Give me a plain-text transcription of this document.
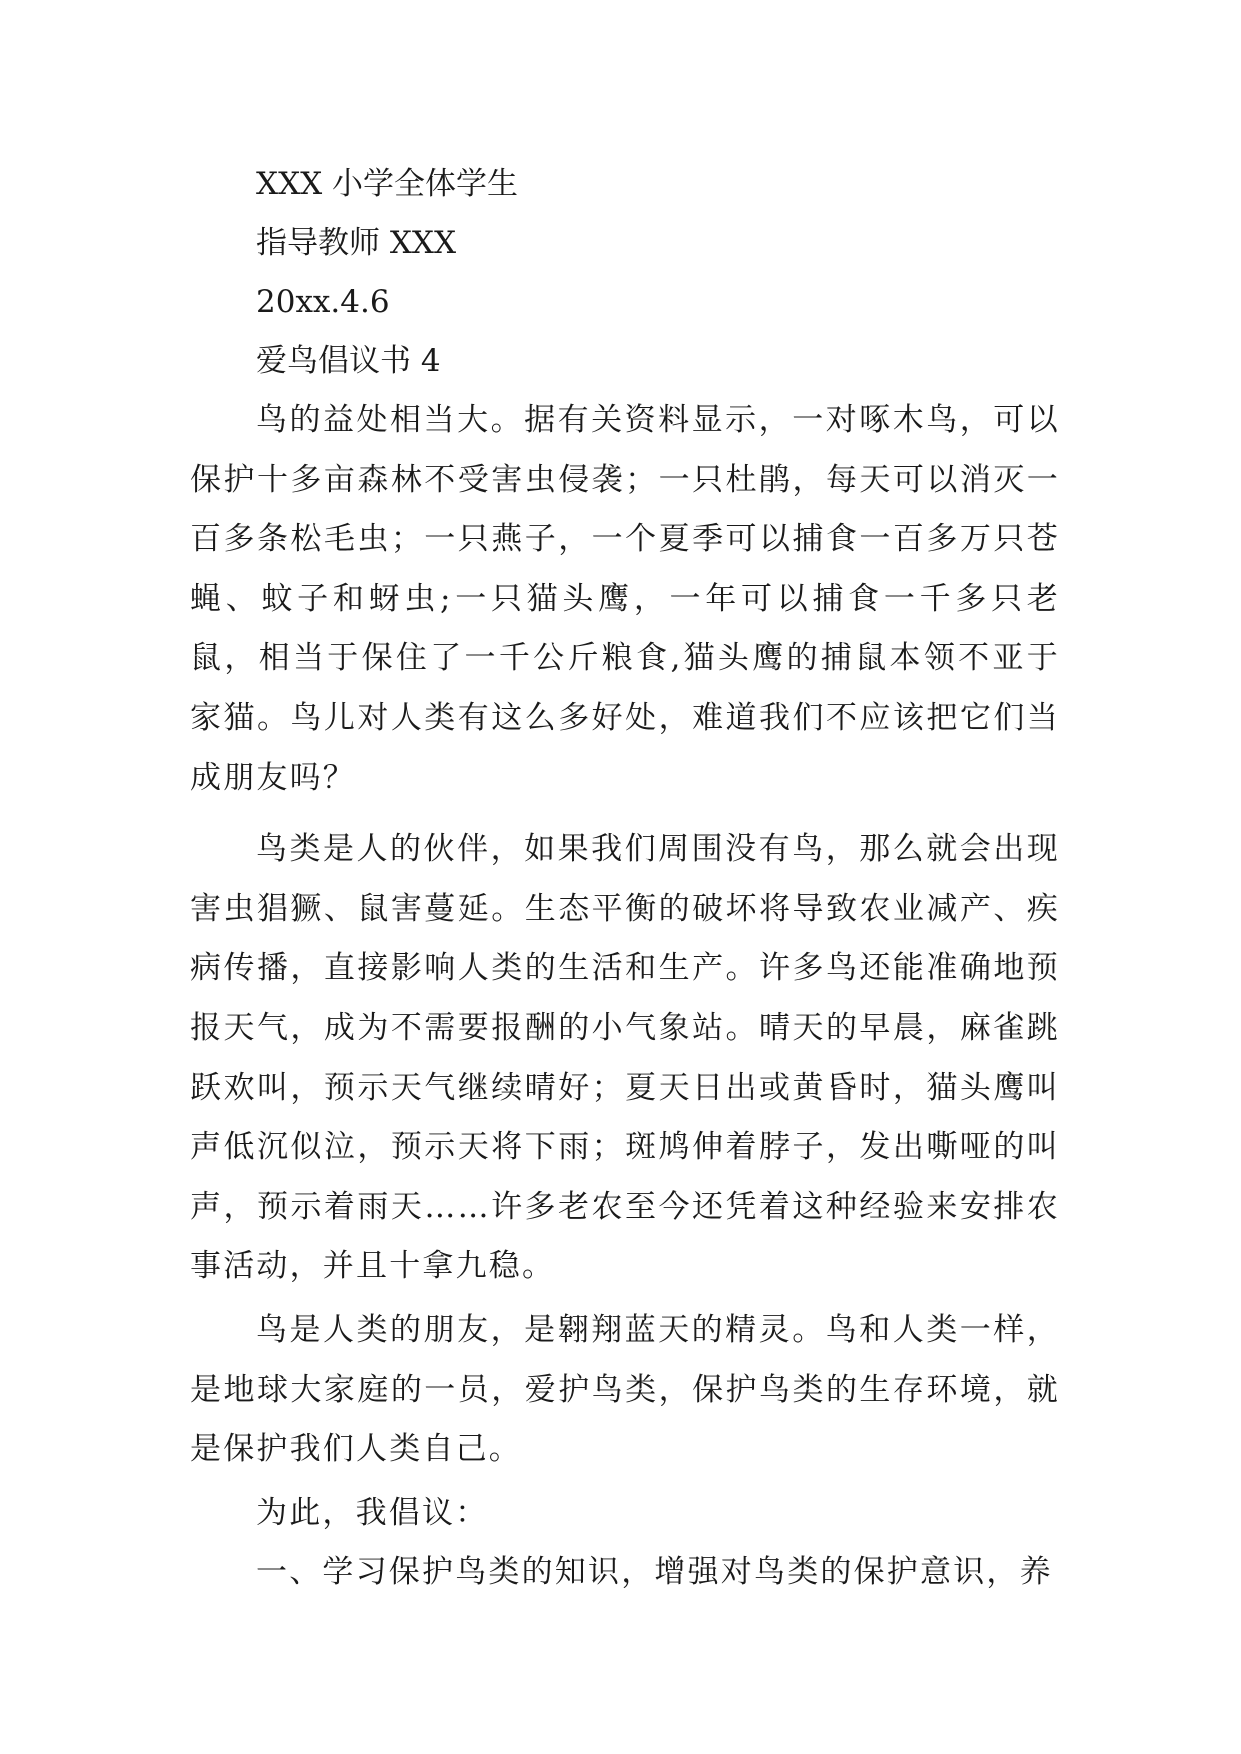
XXX 小学全体学生

指导教师 XXX

20xx.4.6

爱鸟倡议书 4

鸟的益处相当大。据有关资料显示，一对啄木鸟，可以保护十多亩森林不受害虫侵袭；一只杜鹃，每天可以消灭一百多条松毛虫；一只燕子，一个夏季可以捕食一百多万只苍蝇、蚊子和蚜虫;一只猫头鹰，一年可以捕食一千多只老鼠，相当于保住了一千公斤粮食,猫头鹰的捕鼠本领不亚于家猫。鸟儿对人类有这么多好处，难道我们不应该把它们当成朋友吗？

鸟类是人的伙伴，如果我们周围没有鸟，那么就会出现害虫猖獗、鼠害蔓延。生态平衡的破坏将导致农业减产、疾病传播，直接影响人类的生活和生产。许多鸟还能准确地预报天气，成为不需要报酬的小气象站。晴天的早晨，麻雀跳跃欢叫，预示天气继续晴好；夏天日出或黄昏时，猫头鹰叫声低沉似泣，预示天将下雨；斑鸠伸着脖子，发出嘶哑的叫声，预示着雨天……许多老农至今还凭着这种经验来安排农事活动，并且十拿九稳。

鸟是人类的朋友，是翱翔蓝天的精灵。鸟和人类一样，是地球大家庭的一员，爱护鸟类，保护鸟类的生存环境，就是保护我们人类自己。

为此，我倡议：

一、学习保护鸟类的知识，增强对鸟类的保护意识，养
